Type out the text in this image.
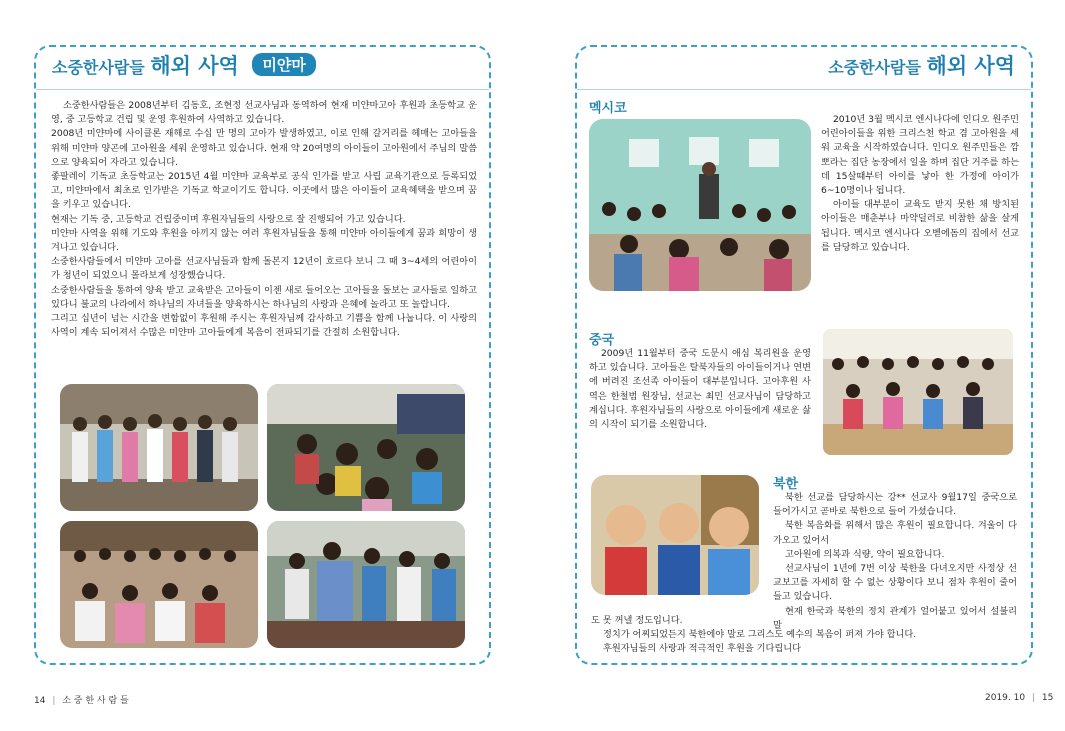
소중한사람들 해외 사역 미얀마

소중한사람들은 2008년부터 김동호, 조현정 선교사님과 동역하여 현재 미얀마고아 후원과 초등학교 운영, 중 고등학교 건립 및 운영 후원하여 사역하고 있습니다.

2008년 미얀마에 사이클론 재해로 수십 만 명의 고아가 발생하였고, 이로 인해 갈거리를 헤매는 고아들을 위해 미얀마 양곤에 고아원을 세워 운영하고 있습니다. 현재 약 20여명의 아이들이 고아원에서 주님의 말씀으로 양육되어 자라고 있습니다.

좋팔레이 기독교 초등학교는 2015년 4월 미얀마 교육부로 공식 인가를 받고 사립 교육기관으로 등록되었고, 미얀마에서 최초로 인가받은 기독교 학교이기도 합니다. 이곳에서 많은 아이들이 교육혜택을 받으며 꿈을 키우고 있습니다.

현재는 기독 중, 고등학교 건립중이며 후원자님들의 사랑으로 잘 진행되어 가고 있습니다.

미얀마 사역을 위해 기도와 후원을 아끼지 않는 여러 후원자님들을 통해 미얀마 아이들에게 꿈과 희망이 생겨나고 있습니다.

소중한사람들에서 미얀마 고아를 선교사님들과 함께 돌본지 12년이 흐르다 보니 그 때 3~4세의 어린아이가 청년이 되었으니 몰라보게 성장했습니다.

소중한사람들을 통하여 양육 받고 교육받은 고아들이 이젠 새로 들어오는 고아들을 돌보는 교사들로 일하고 있다니 불교의 나라에서 하나님의 자녀들을 양육하시는 하나님의 사랑과 은혜에 놀라고 또 놀랍니다.

그리고 십년이 넘는 시간을 변함없이 후원해 주시는 후원자님께 감사하고 기쁨을 함께 나눕니다. 이 사랑의 사역이 계속 되어져서 수많은 미얀마 고아들에게 복음이 전파되기를 간절히 소원합니다.

소중한사람들 해외 사역
멕시코

2010년 3월 멕시코 엔시나다에 인디오 원주민 어린아이들을 위한 크리스천 학교 겸 고아원을 세워 교육을 시작하였습니다. 인디오 원주민들은 깜뽀라는 집단 농장에서 일을 하며 집단 거주를 하는데 15살때부터 아이를 낳아 한 가정에 아이가 6~10명이나 됩니다.

아이들 대부분이 교육도 받지 못한 채 방치된 아이들은 매춘부나 마약딜러로 비참한 삶을 살게 됩니다. 멕시코 엔시나다 오벧에돔의 집에서 선교를 담당하고 있습니다.

중국

2009년 11월부터 중국 도문시 애심 복리원을 운영하고 있습니다. 고아들은 탈북자들의 아이들이거나 연변에 버려진 조선족 아이들이 대부분입니다. 고아후원 사역은 한철범 원장님, 선교는 최민 선교사님이 담당하고 계십니다. 후원자님들의 사랑으로 아이들에게 새로운 삶의 시작이 되기를 소원합니다.

북한

북한 선교를 담당하시는 강** 선교사 9월17일 중국으로 들어가시고 곧바로 북한으로 들어 가셨습니다.

북한 복음화를 위해서 많은 후원이 필요합니다. 겨울이 다가오고 있어서

고아원에 의복과 식량, 약이 필요합니다.

선교사님이 1년에 7번 이상 북한을 다녀오지만 사정상 선교보고를 자세히 할 수 없는 상황이다 보니 점차 후원이 줄어들고 있습니다.

현재 한국과 북한의 정치 관계가 얼어붙고 있어서 설불리 말

도 못 꺼낼 정도입니다.

정치가 어찌되었든지 북한에야 말로 그리스도 예수의 복음이 퍼져 가야 합니다.

후원자님들의 사랑과 적극적인 후원을 기다립니다

14 | 소 중 한 사 람 들	2019. 10 | 15
